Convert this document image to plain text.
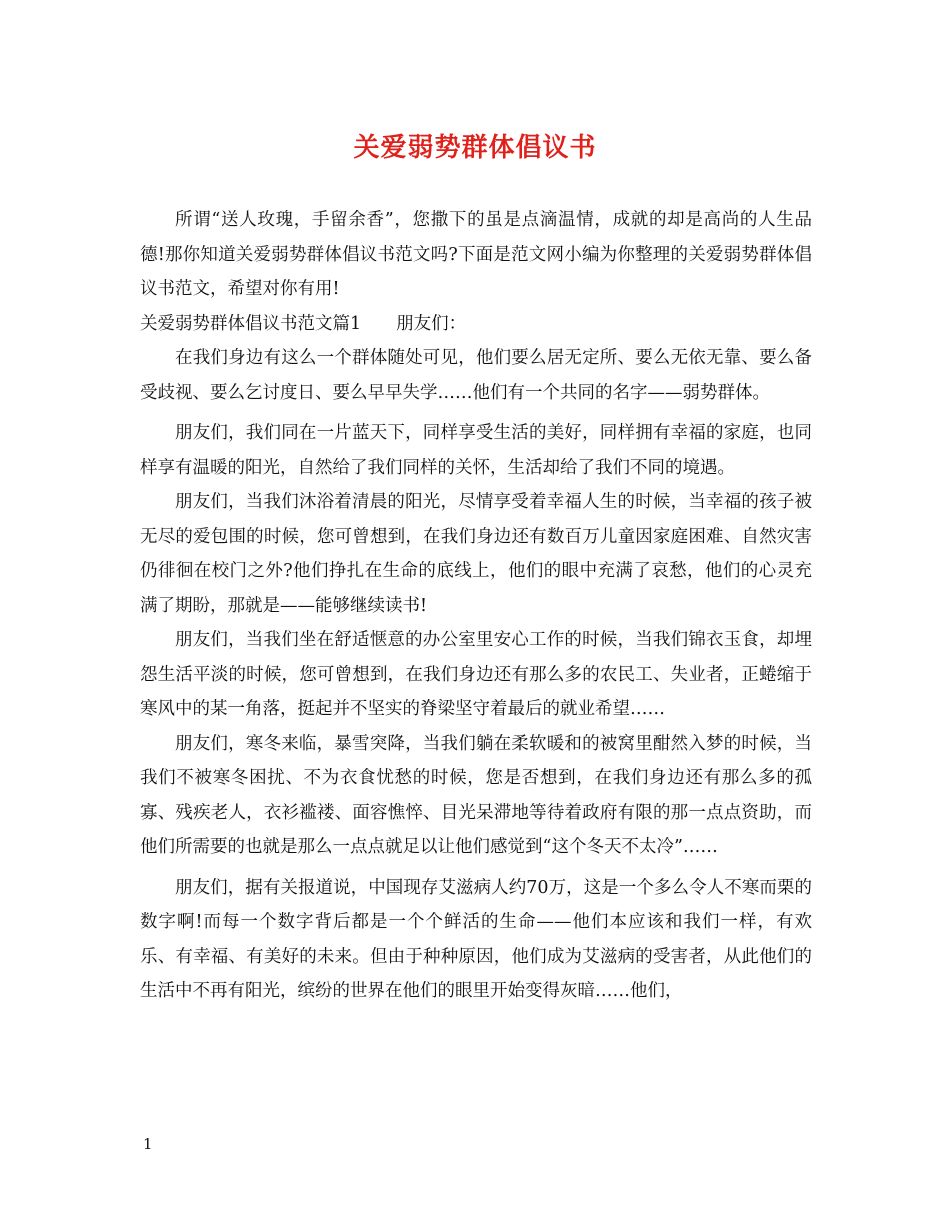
关爱弱势群体倡议书

所谓“送人玫瑰，手留余香”，您撒下的虽是点滴温情，成就的却是高尚的人生品德!那你知道关爱弱势群体倡议书范文吗?下面是范文网小编为你整理的关爱弱势群体倡议书范文，希望对你有用!

关爱弱势群体倡议书范文篇1　　朋友们：

在我们身边有这么一个群体随处可见，他们要么居无定所、要么无依无靠、要么备受歧视、要么乞讨度日、要么早早失学……他们有一个共同的名字——弱势群体。

朋友们，我们同在一片蓝天下，同样享受生活的美好，同样拥有幸福的家庭，也同样享有温暖的阳光，自然给了我们同样的关怀，生活却给了我们不同的境遇。

朋友们，当我们沐浴着清晨的阳光，尽情享受着幸福人生的时候，当幸福的孩子被无尽的爱包围的时候，您可曾想到，在我们身边还有数百万儿童因家庭困难、自然灾害仍徘徊在校门之外?他们挣扎在生命的底线上，他们的眼中充满了哀愁，他们的心灵充满了期盼，那就是——能够继续读书!

朋友们，当我们坐在舒适惬意的办公室里安心工作的时候，当我们锦衣玉食，却埋怨生活平淡的时候，您可曾想到，在我们身边还有那么多的农民工、失业者，正蜷缩于寒风中的某一角落，挺起并不坚实的脊梁坚守着最后的就业希望……

朋友们，寒冬来临，暴雪突降，当我们躺在柔软暖和的被窝里酣然入梦的时候，当我们不被寒冬困扰、不为衣食忧愁的时候，您是否想到，在我们身边还有那么多的孤寡、残疾老人，衣衫褴褛、面容憔悴、目光呆滞地等待着政府有限的那一点点资助，而他们所需要的也就是那么一点点就足以让他们感觉到“这个冬天不太冷”……

朋友们，据有关报道说，中国现存艾滋病人约70万，这是一个多么令人不寒而栗的数字啊!而每一个数字背后都是一个个鲜活的生命——他们本应该和我们一样，有欢乐、有幸福、有美好的未来。但由于种种原因，他们成为艾滋病的受害者，从此他们的生活中不再有阳光，缤纷的世界在他们的眼里开始变得灰暗……他们，

1
